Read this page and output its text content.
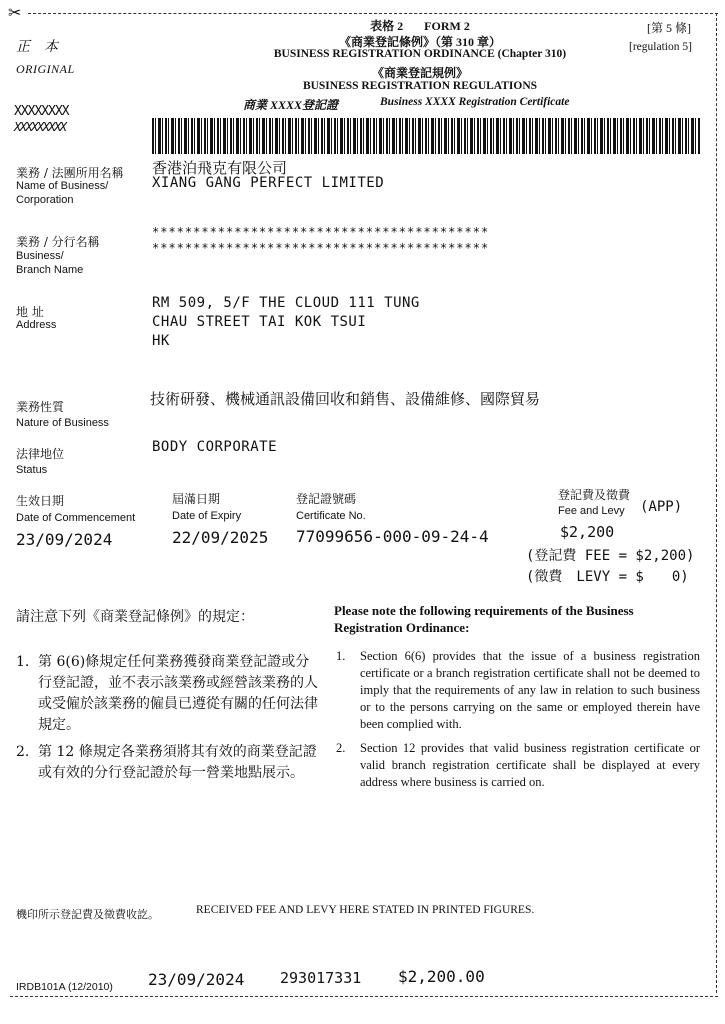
✂
正　本
ORIGINAL
XXXXXXXX
XXXXXXXXX
[第 5 條]
[regulation 5]
表格 2 FORM 2
《商業登記條例》（第 310 章）
BUSINESS REGISTRATION ORDINANCE (Chapter 310)
《商業登記規例》
BUSINESS REGISTRATION REGULATIONS
商業 XXXX登記證	Business XXXX Registration Certificate
業務 / 法團所用名稱
Name of Business/
Corporation
香港泊飛克有限公司
XIANG GANG PERFECT LIMITED
業務 / 分行名稱
Business/
Branch Name
*****************************************
*****************************************
地 址
Address
RM 509, 5/F THE CLOUD 111 TUNG
CHAU STREET TAI KOK TSUI
HK
業務性質
Nature of Business
技術研發、機械通訊設備回收和銷售、設備維修、國際貿易
法律地位
Status
BODY CORPORATE
生效日期
Date of Commencement
23/09/2024
屆滿日期
Date of Expiry
22/09/2025
登記證號碼
Certificate No.
77099656-000-09-24-4
登記費及徵費
Fee and Levy (APP)
$2,200
(登記費 FEE = $2,200)
(徵費　LEVY = $　　0)
請注意下列《商業登記條例》的規定：	Please note the following requirements of the Business
Registration Ordinance:
1. 第 6(6)條規定任何業務獲發商業登記證或分行登記證，並不表示該業務或經營該業務的人或受僱於該業務的僱員已遵從有關的任何法律規定。
2. 第 12 條規定各業務須將其有效的商業登記證或有效的分行登記證於每一營業地點展示。
1. Section 6(6) provides that the issue of a business registration certificate or a branch registration certificate shall not be deemed to imply that the requirements of any law in relation to such business or to the persons carrying on the same or employed therein have been complied with.
2. Section 12 provides that valid business registration certificate or valid branch registration certificate shall be displayed at every address where business is carried on.
機印所示登記費及徵費收訖。	RECEIVED FEE AND LEVY HERE STATED IN PRINTED FIGURES.
IRDB101A (12/2010) 23/09/2024 293017331 $2,200.00
